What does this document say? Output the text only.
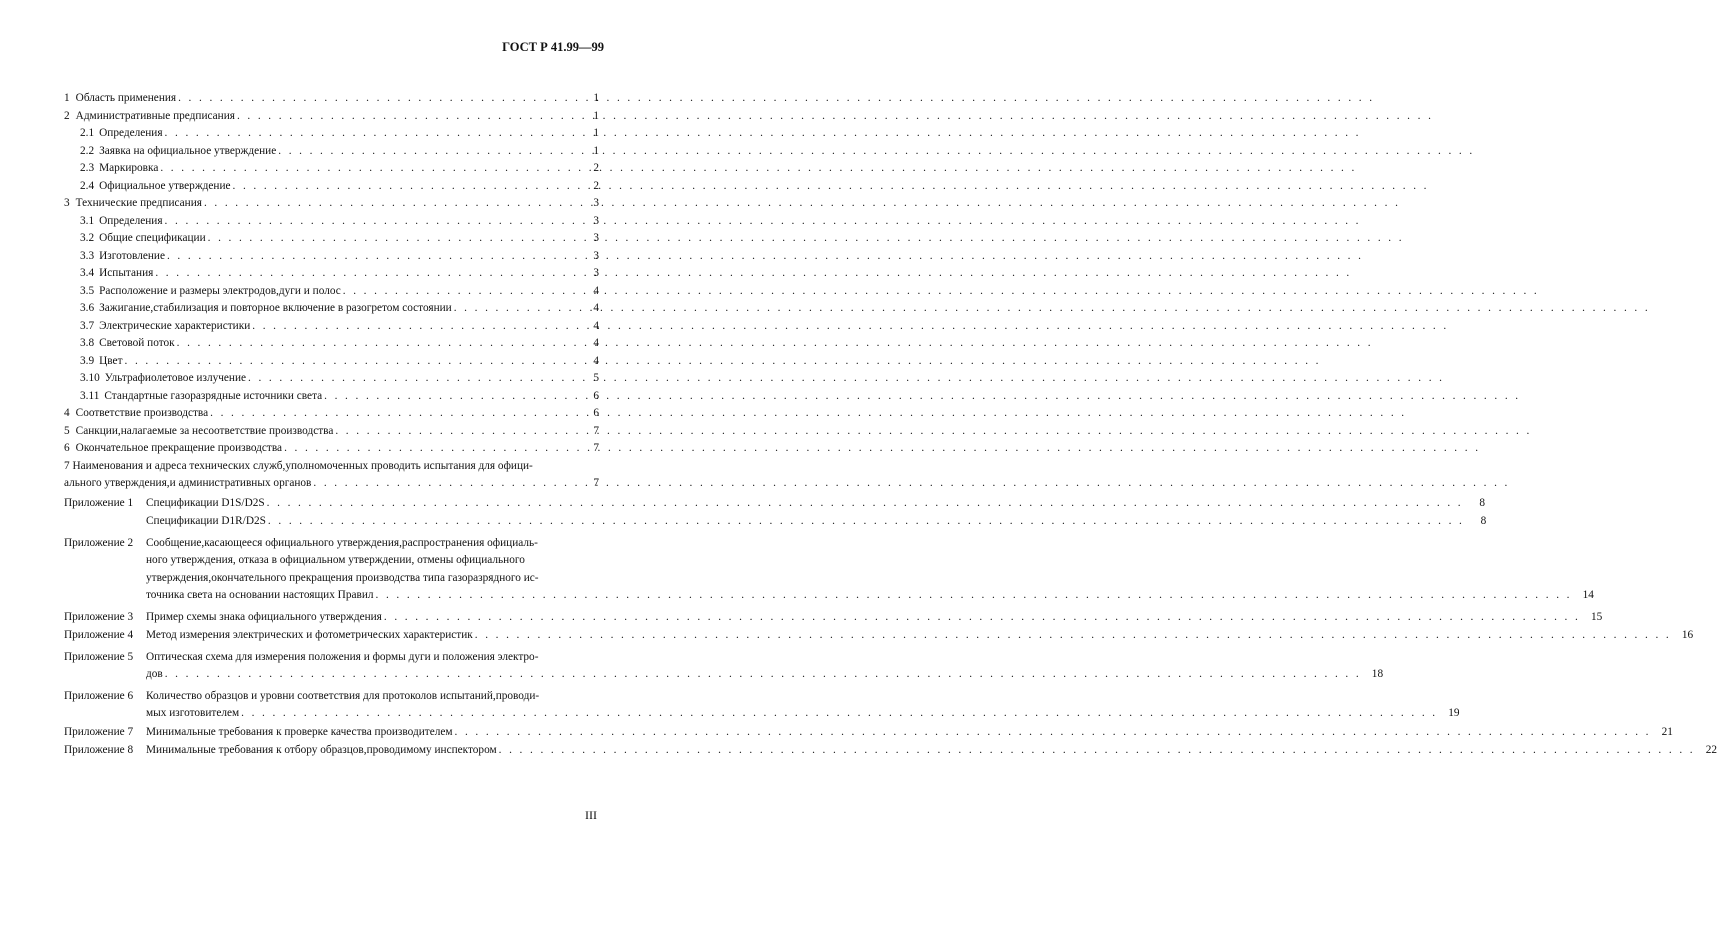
ГОСТ Р 41.99—99
1 Область применения . . .	1
2 Административные предписания . . .	1
2.1 Определения . . .	1
2.2 Заявка на официальное утверждение . . .	1
2.3 Маркировка . . .	2
2.4 Официальное утверждение . . .	2
3 Технические предписания . . .	3
3.1 Определения . . .	3
3.2 Общие спецификации . . .	3
3.3 Изготовление . . .	3
3.4 Испытания . . .	3
3.5 Расположение и размеры электродов,дуги и полос . . .	4
3.6 Зажигание,стабилизация и повторное включение в разогретом состоянии . . .	4
3.7 Электрические характеристики . . .	4
3.8 Световой поток . . .	4
3.9 Цвет . . .	4
3.10 Ультрафиолетовое излучение . . .	5
3.11 Стандартные газоразрядные источники света . . .	6
4 Соответствие производства . . .	6
5 Санкции,налагаемые за несоответствие производства . . .	7
6 Окончательное прекращение производства . . .	7
7 Наименования и адреса технических служб,уполномоченных проводить испытания для офици-
ального утверждения,и административных органов . . .	7
Приложение 1	Спецификации D1S/D2S . . .	8
Спецификации D1R/D2S . . .	8
Приложение 2	Сообщение,касающееся официального утверждения,распространения официаль-
ного утверждения, отказа в официальном утверждении, отмены официального
утверждения,окончательного прекращения производства типа газоразрядного ис-
точника света на основании настоящих Правил . . .	14
Приложение 3	Пример схемы знака официального утверждения . . .	15
Приложение 4	Метод измерения электрических и фотометрических характеристик . . .	16
Приложение 5	Оптическая схема для измерения положения и формы дуги и положения электро-
дов . . .	18
Приложение 6	Количество образцов и уровни соответствия для протоколов испытаний,проводи-
мых изготовителем . . .	19
Приложение 7	Минимальные требования к проверке качества производителем . . .	21
Приложение 8	Минимальные требования к отбору образцов,проводимому инспектором . . .	22
III
